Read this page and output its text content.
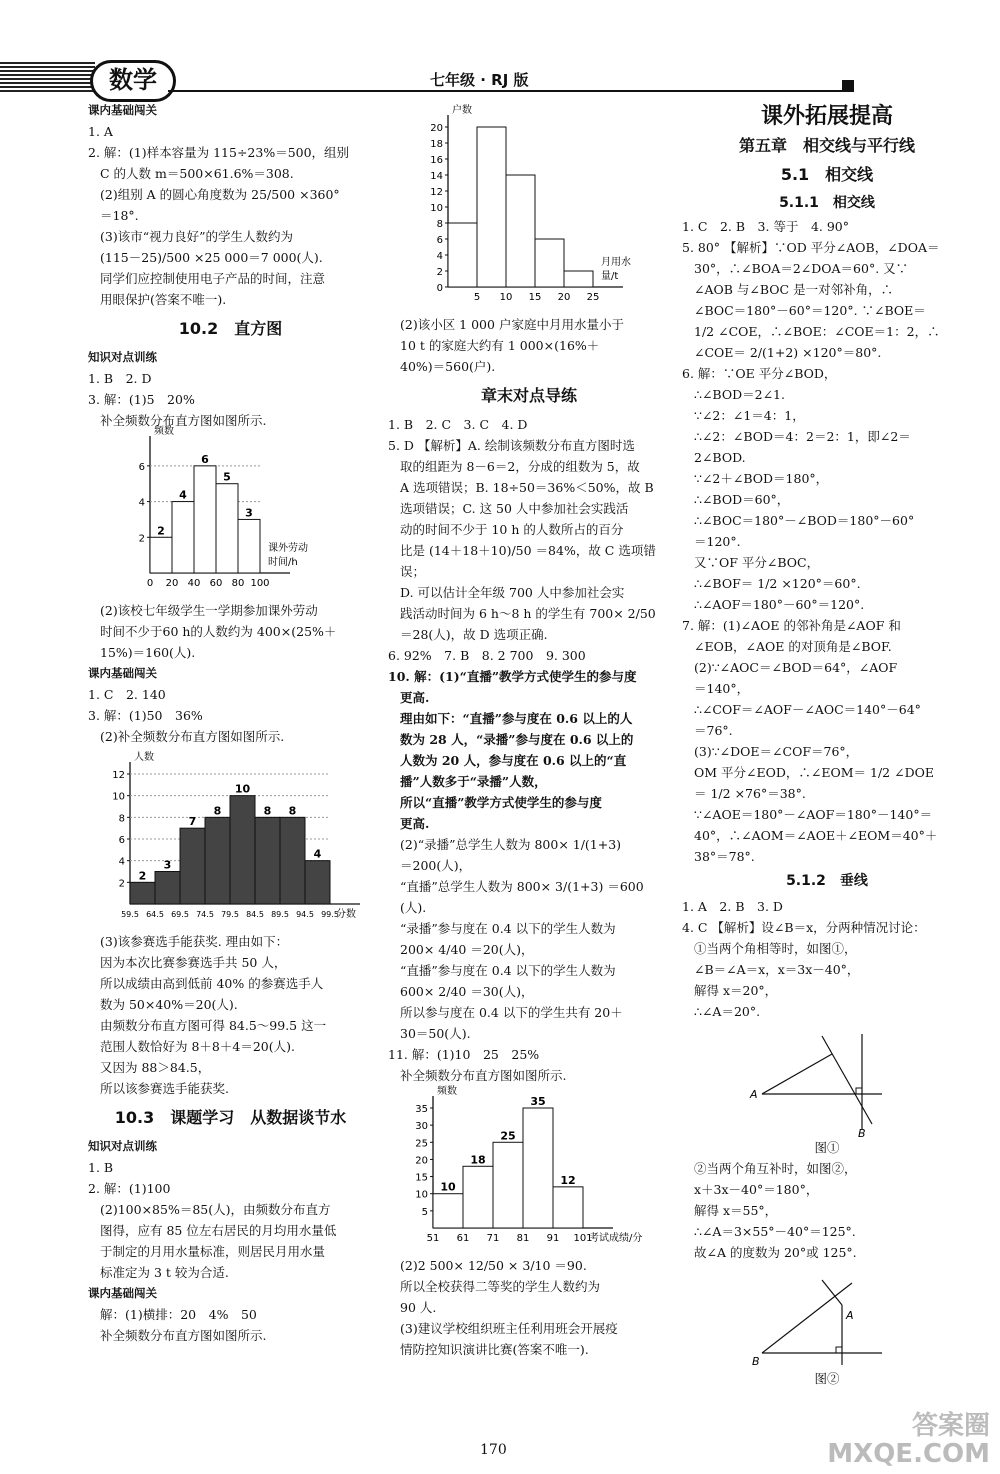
数学	七年级 · RJ 版

课内基础闯关

1. A

2. 解：(1)样本容量为 115÷23%＝500，组别

C 的人数 m＝500×61.6%＝308.

(2)组别 A 的圆心角度数为 25/500 ×360°

＝18°.

(3)该市“视力良好”的学生人数约为

(115－25)/500 ×25 000＝7 000(人).

同学们应控制使用电子产品的时间，注意

用眼保护(答案不唯一).

10.2　直方图

知识对点训练

1. B　2. D

3. 解：(1)5　20%

补全频数分布直方图如图所示.

2
4
6
2
4
6
5
3
0 20 40 60 80 100
频数
课外劳动
时间/h

(2)该校七年级学生一学期参加课外劳动

时间不少于60 h的人数约为 400×(25%＋

15%)＝160(人).

课内基础闯关

1. C　2. 140

3. 解：(1)50　36%

(2)补全频数分布直方图如图所示.

2
4
6
8
10
12
2
3
7
8
10
8 8
4
59.5 64.5 69.5 74.5 79.5 84.5 89.5 94.5 99.5
人数
分数

(3)该参赛选手能获奖. 理由如下：

因为本次比赛参赛选手共 50 人，

所以成绩由高到低前 40% 的参赛选手人

数为 50×40%＝20(人).

由频数分布直方图可得 84.5～99.5 这一

范围人数恰好为 8＋8＋4＝20(人).

又因为 88＞84.5，

所以该参赛选手能获奖.

10.3　课题学习　从数据谈节水

知识对点训练

1. B

2. 解：(1)100

(2)100×85%＝85(人)，由频数分布直方

图得，应有 85 位左右居民的月均用水量低

于制定的月用水量标准，则居民月用水量

标准定为 3 t 较为合适.

课内基础闯关

解：(1)横排：20　4%　50

补全频数分布直方图如图所示.

0
2
4
6
8
10
12
14
16
18
20
5 10 15 20 25
户数
月用水
量/t

(2)该小区 1 000 户家庭中月用水量小于

10 t 的家庭大约有 1 000×(16%＋

40%)＝560(户).

章末对点导练

1. B　2. C　3. C　4. D

5. D 【解析】A. 绘制该频数分布直方图时选

取的组距为 8－6＝2，分成的组数为 5，故

A 选项错误；B. 18÷50＝36%＜50%，故 B

选项错误；C. 这 50 人中参加社会实践活

动的时间不少于 10 h 的人数所占的百分

比是 (14＋18＋10)/50 ＝84%，故 C 选项错误；

D. 可以估计全年级 700 人中参加社会实

践活动时间为 6 h～8 h 的学生有 700× 2/50

＝28(人)，故 D 选项正确.

6. 92%　7. B　8. 2 700　9. 300

10. 解：(1)“直播”教学方式使学生的参与度

更高.

理由如下：“直播”参与度在 0.6 以上的人

数为 28 人，“录播”参与度在 0.6 以上的

人数为 20 人，参与度在 0.6 以上的“直

播”人数多于“录播”人数，

所以“直播”教学方式使学生的参与度

更高.

(2)“录播”总学生人数为 800× 1/(1+3)

＝200(人)，

“直播”总学生人数为 800× 3/(1+3) ＝600

(人).

“录播”参与度在 0.4 以下的学生人数为

200× 4/40 ＝20(人)，

“直播”参与度在 0.4 以下的学生人数为

600× 2/40 ＝30(人)，

所以参与度在 0.4 以下的学生共有 20＋

30＝50(人).

11. 解：(1)10　25　25%

补全频数分布直方图如图所示.

5
10
15
20
25
30
35
10
18
25
35
12
51 61 71 81 91 101
频数
考试成绩/分

(2)2 500× 12/50 × 3/10 ＝90.

所以全校获得二等奖的学生人数约为

90 人.

(3)建议学校组织班主任利用班会开展疫

情防控知识演讲比赛(答案不唯一).

课外拓展提高

第五章　相交线与平行线

5.1　相交线

5.1.1　相交线

1. C　2. B　3. 等于　4. 90°

5. 80° 【解析】∵OD 平分∠AOB，∠DOA＝

30°，∴∠BOA＝2∠DOA＝60°. 又∵

∠AOB 与∠BOC 是一对邻补角，∴

∠BOC＝180°－60°＝120°. ∵∠BOE＝

1/2 ∠COE，∴∠BOE：∠COE＝1：2，∴

∠COE＝ 2/(1+2) ×120°＝80°.

6. 解：∵OE 平分∠BOD，

∴∠BOD＝2∠1.

∵∠2：∠1＝4：1，

∴∠2：∠BOD＝4：2＝2：1，即∠2＝

2∠BOD.

∵∠2＋∠BOD＝180°，

∴∠BOD＝60°，

∴∠BOC＝180°－∠BOD＝180°－60°

＝120°.

又∵OF 平分∠BOC，

∴∠BOF＝ 1/2 ×120°＝60°.

∴∠AOF＝180°－60°＝120°.

7. 解：(1)∠AOE 的邻补角是∠AOF 和

∠EOB，∠AOE 的对顶角是∠BOF.

(2)∵∠AOC＝∠BOD＝64°，∠AOF

＝140°，

∴∠COF＝∠AOF－∠AOC＝140°－64°

＝76°.

(3)∵∠DOE＝∠COF＝76°，

OM 平分∠EOD，∴∠EOM＝ 1/2 ∠DOE

＝ 1/2 ×76°＝38°.

∵∠AOE＝180°－∠AOF＝180°－140°＝

40°，∴∠AOM＝∠AOE＋∠EOM＝40°＋

38°＝78°.

5.1.2　垂线

1. A　2. B　3. D

4. C 【解析】设∠B＝x，分两种情况讨论：

①当两个角相等时，如图①，

∠B＝∠A＝x，x＝3x－40°，

解得 x＝20°，

∴∠A＝20°.

A
B

图①

②当两个角互补时，如图②，

x＋3x－40°＝180°，

解得 x＝55°，

∴∠A＝3×55°－40°＝125°.

故∠A 的度数为 20°或 125°.

A
B

图②

170
答案圈
MXQE.COM
